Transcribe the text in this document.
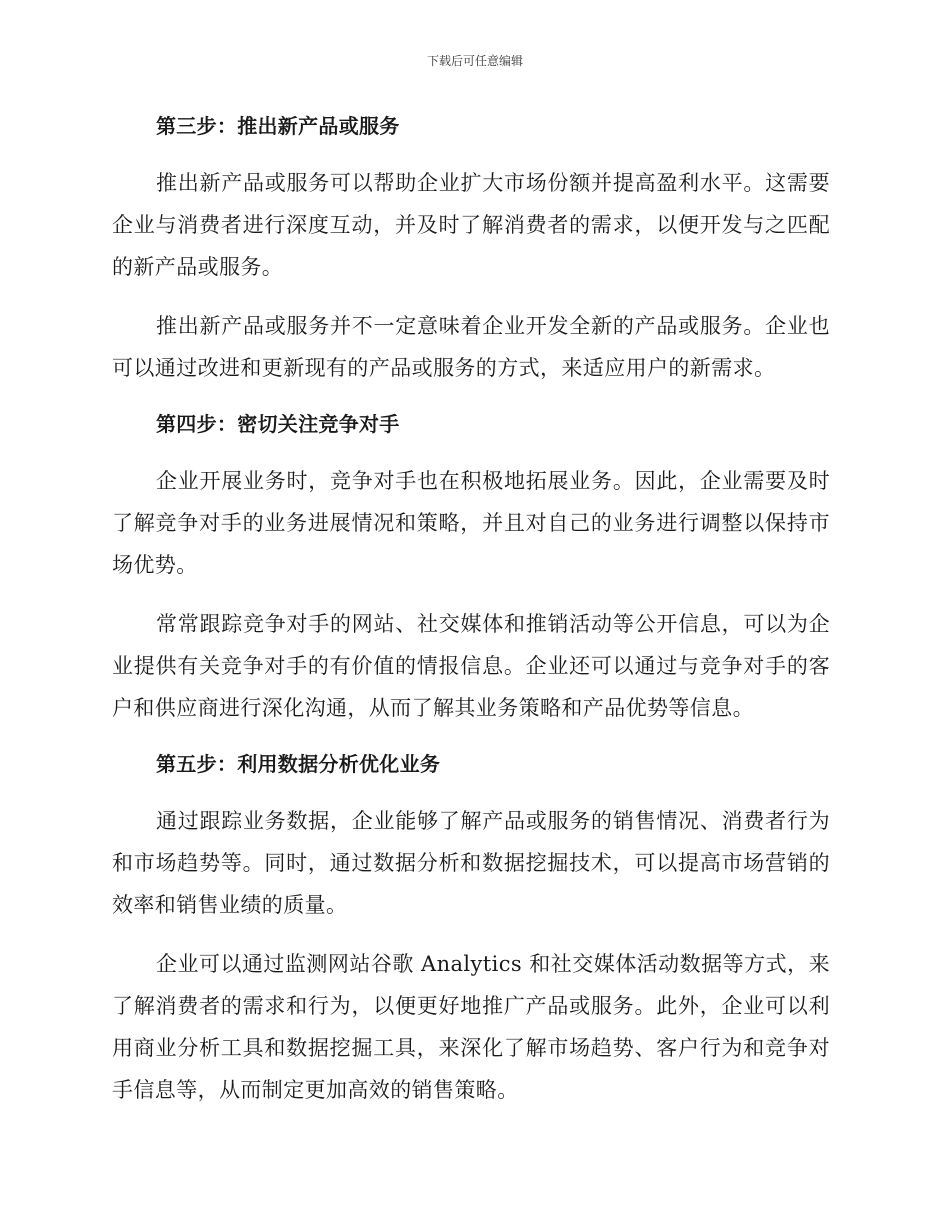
下载后可任意编辑
第三步：推出新产品或服务

推出新产品或服务可以帮助企业扩大市场份额并提高盈利水平。这需要企业与消费者进行深度互动，并及时了解消费者的需求，以便开发与之匹配的新产品或服务。

推出新产品或服务并不一定意味着企业开发全新的产品或服务。企业也可以通过改进和更新现有的产品或服务的方式，来适应用户的新需求。

第四步：密切关注竞争对手

企业开展业务时，竞争对手也在积极地拓展业务。因此，企业需要及时了解竞争对手的业务进展情况和策略，并且对自己的业务进行调整以保持市场优势。

常常跟踪竞争对手的网站、社交媒体和推销活动等公开信息，可以为企业提供有关竞争对手的有价值的情报信息。企业还可以通过与竞争对手的客户和供应商进行深化沟通，从而了解其业务策略和产品优势等信息。

第五步：利用数据分析优化业务

通过跟踪业务数据，企业能够了解产品或服务的销售情况、消费者行为和市场趋势等。同时，通过数据分析和数据挖掘技术，可以提高市场营销的效率和销售业绩的质量。

企业可以通过监测网站谷歌 Analytics 和社交媒体活动数据等方式，来了解消费者的需求和行为，以便更好地推广产品或服务。此外，企业可以利用商业分析工具和数据挖掘工具，来深化了解市场趋势、客户行为和竞争对手信息等，从而制定更加高效的销售策略。
